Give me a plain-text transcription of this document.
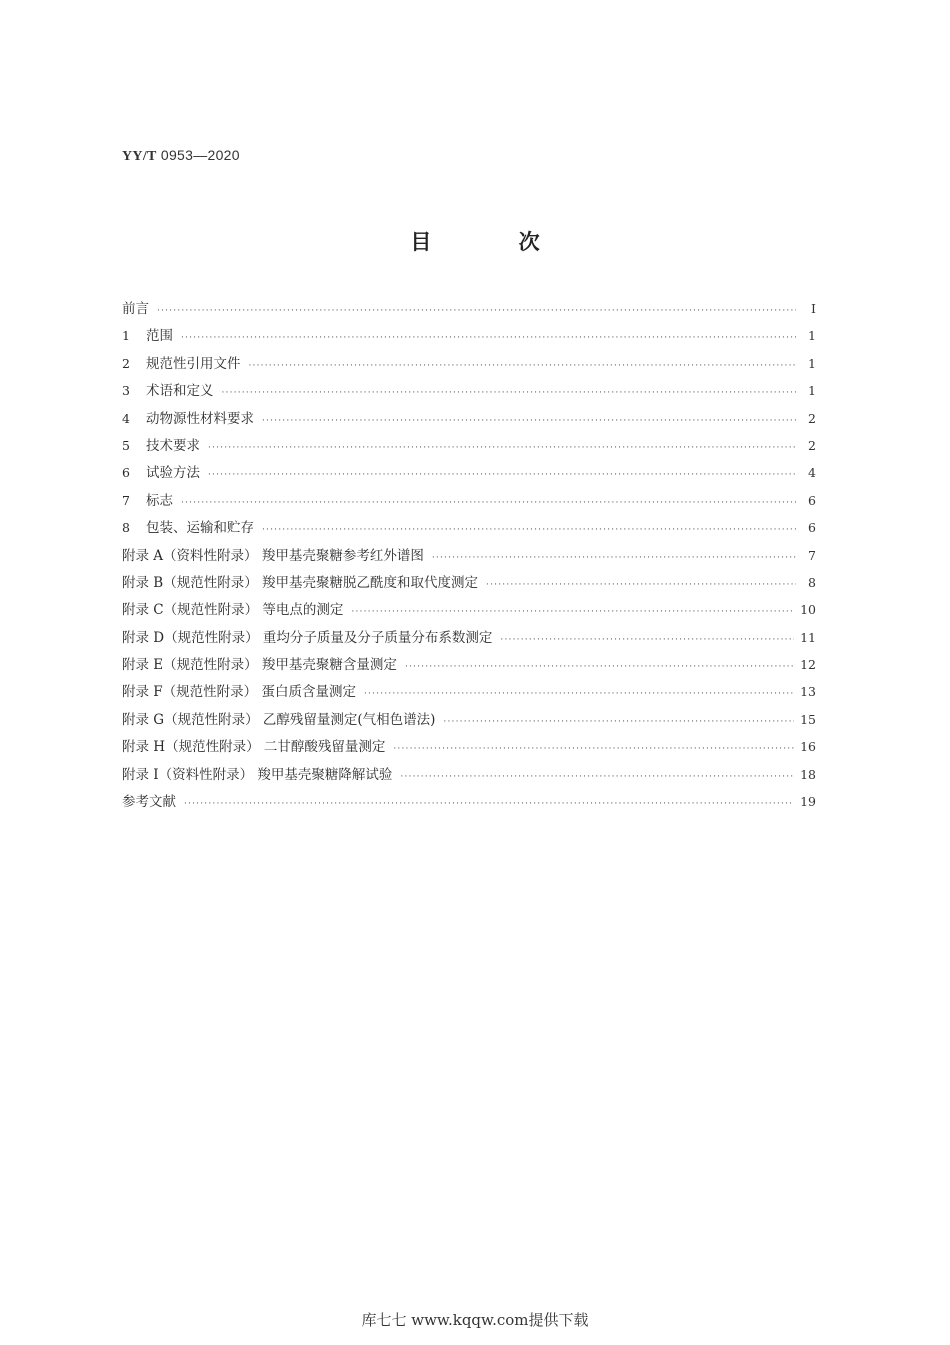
YY/T 0953—2020
目 次
前言 ·····	Ⅰ
1 范围 ·····	1
2 规范性引用文件 ·····	1
3 术语和定义 ·····	1
4 动物源性材料要求 ·····	2
5 技术要求 ·····	2
6 试验方法 ·····	4
7 标志 ·····	6
8 包装、运输和贮存 ·····	6
附录 A（资料性附录） 羧甲基壳聚糖参考红外谱图 ·····	7
附录 B（规范性附录） 羧甲基壳聚糖脱乙酰度和取代度测定 ·····	8
附录 C（规范性附录） 等电点的测定 ·····	10
附录 D（规范性附录） 重均分子质量及分子质量分布系数测定 ·····	11
附录 E（规范性附录） 羧甲基壳聚糖含量测定 ·····	12
附录 F（规范性附录） 蛋白质含量测定 ·····	13
附录 G（规范性附录） 乙醇残留量测定(气相色谱法) ·····	15
附录 H（规范性附录） 二甘醇酸残留量测定 ·····	16
附录 I（资料性附录） 羧甲基壳聚糖降解试验 ·····	18
参考文献 ·····	19
库七七 www.kqqw.com提供下载
